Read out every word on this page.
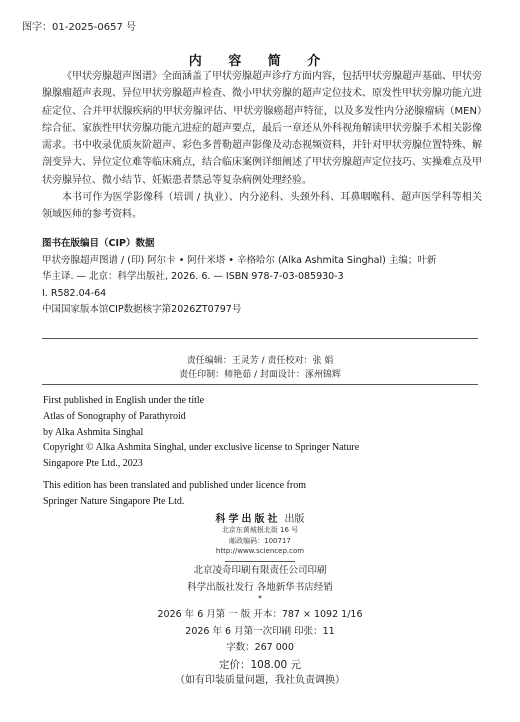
图字：01-2025-0657 号
内 容 简 介

《甲状旁腺超声图谱》全面涵盖了甲状旁腺超声诊疗方面内容，包括甲状旁腺超声基础、甲状旁腺腺瘤超声表现、异位甲状旁腺超声检查、微小甲状旁腺的超声定位技术、原发性甲状旁腺功能亢进症定位、合并甲状腺疾病的甲状旁腺评估、甲状旁腺癌超声特征，以及多发性内分泌腺瘤病（MEN）综合征、家族性甲状旁腺功能亢进症的超声要点，最后一章还从外科视角解读甲状旁腺手术相关影像需求。书中收录优质灰阶超声、彩色多普勒超声影像及动态视频资料，并针对甲状旁腺位置特殊、解剖变异大、异位定位难等临床痛点，结合临床案例详细阐述了甲状旁腺超声定位技巧、实操难点及甲状旁腺异位、微小结节、妊娠患者禁忌等复杂病例处理经验。

本书可作为医学影像科（培训 / 执业）、内分泌科、头颈外科、耳鼻咽喉科、超声医学科等相关领域医师的参考资料。

图书在版编目（CIP）数据
甲状旁腺超声图谱 / (印) 阿尔卡 • 阿什米塔 • 辛格哈尔 (Alka Ashmita Singhal) 主编；叶新
华主译. — 北京：科学出版社, 2026. 6. — ISBN 978-7-03-085930-3
Ⅰ. R582.04-64
中国国家版本馆CIP数据核字第2026ZT0797号
责任编辑：王灵芳 / 责任校对：张 娟
责任印制：师艳茹 / 封面设计：涿州锦辉
First published in English under the title
Atlas of Sonography of Parathyroid
by Alka Ashmita Singhal
Copyright © Alka Ashmita Singhal, under exclusive license to Springer Nature
Singapore Pte Ltd., 2023
This edition has been translated and published under licence from
Springer Nature Singapore Pte Ltd.
科学出版社 出版
北京东黄城根北街 16 号
邮政编码：100717
http://www.sciencep.com
北京凌奇印刷有限责任公司印刷
科学出版社发行 各地新华书店经销
*
2026 年 6 月第 一 版 开本：787 × 1092 1/16
2026 年 6 月第一次印刷 印张：11
字数：267 000
定价：108.00 元
（如有印装质量问题，我社负责调换）
